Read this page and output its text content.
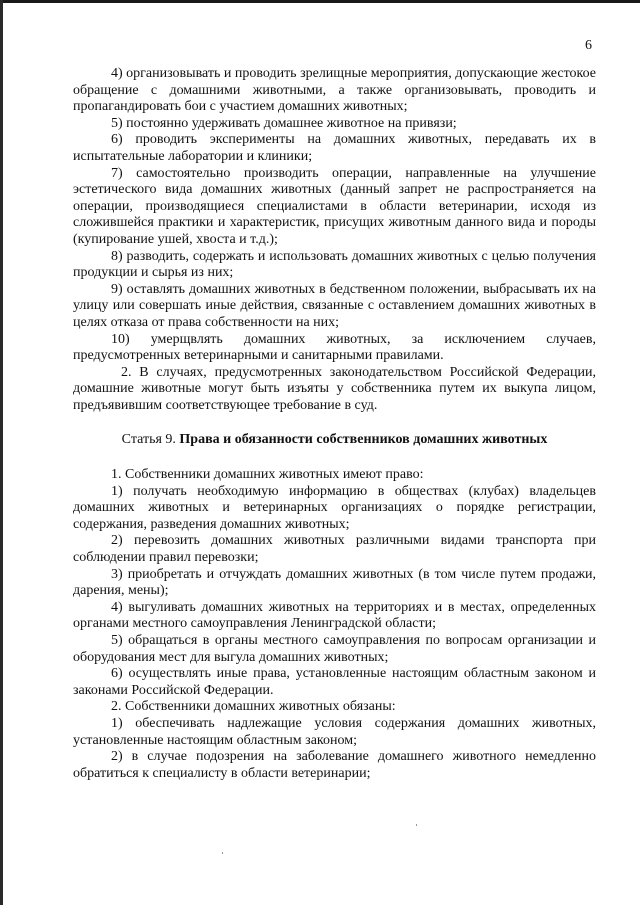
6

4) организовывать и проводить зрелищные мероприятия, допускающие жестокое обращение с домашними животными, а также организовывать, проводить и пропагандировать бои с участием домашних животных;

5) постоянно удерживать домашнее животное на привязи;

6) проводить эксперименты на домашних животных, передавать их в испытательные лаборатории и клиники;

7) самостоятельно производить операции, направленные на улучшение эстетического вида домашних животных (данный запрет не распространяется на операции, производящиеся специалистами в области ветеринарии, исходя из сложившейся практики и характеристик, присущих животным данного вида и породы (купирование ушей, хвоста и т.д.);

8) разводить, содержать и использовать домашних животных с целью получения продукции и сырья из них;

9) оставлять домашних животных в бедственном положении, выбрасывать их на улицу или совершать иные действия, связанные с оставлением домашних животных в целях отказа от права собственности на них;

10) умерщвлять домашних животных, за исключением случаев, предусмотренных ветеринарными и санитарными правилами.

2. В случаях, предусмотренных законодательством Российской Федерации, домашние животные могут быть изъяты у собственника путем их выкупа лицом, предъявившим соответствующее требование в суд.

Статья 9. Права и обязанности собственников домашних животных

1. Собственники домашних животных имеют право:

1) получать необходимую информацию в обществах (клубах) владельцев домашних животных и ветеринарных организациях о порядке регистрации, содержания, разведения домашних животных;

2) перевозить домашних животных различными видами транспорта при соблюдении правил перевозки;

3) приобретать и отчуждать домашних животных (в том числе путем продажи, дарения, мены);

4) выгуливать домашних животных на территориях и в местах, определенных органами местного самоуправления Ленинградской области;

5) обращаться в органы местного самоуправления по вопросам организации и оборудования мест для выгула домашних животных;

6) осуществлять иные права, установленные настоящим областным законом и законами Российской Федерации.

2. Собственники домашних животных обязаны:

1) обеспечивать надлежащие условия содержания домашних животных, установленные настоящим областным законом;

2) в случае подозрения на заболевание домашнего животного немедленно обратиться к специалисту в области ветеринарии;
